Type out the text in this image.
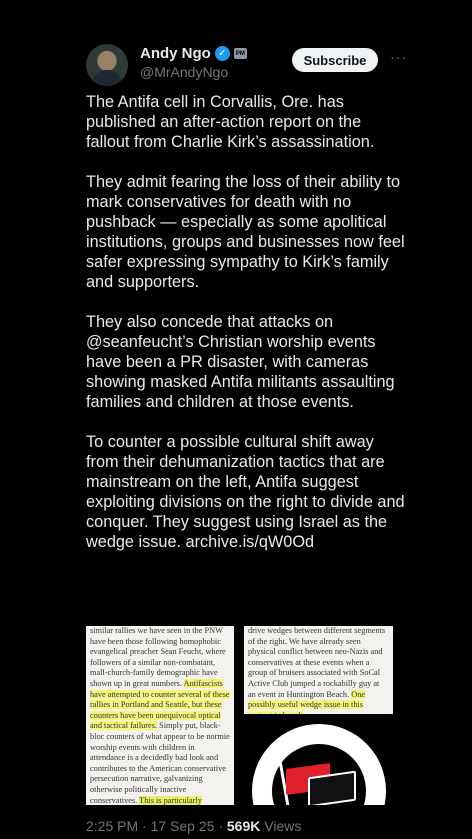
Andy Ngo ✓	PM
@MrAndyNgo
Subscribe	···

The Antifa cell in Corvallis, Ore. has published an after-action report on the fallout from Charlie Kirk’s assassination.

They admit fearing the loss of their ability to mark conservatives for death with no pushback — especially as some apolitical institutions, groups and businesses now feel safer expressing sympathy to Kirk’s family and supporters.

They also concede that attacks on @seanfeucht’s Christian worship events have been a PR disaster, with cameras showing masked Antifa militants assaulting families and children at those events.

To counter a possible cultural shift away from their dehumanization tactics that are mainstream on the left, Antifa suggest exploiting divisions on the right to divide and conquer. They suggest using Israel as the wedge issue. archive.is/qW0Od

similar rallies we have seen in the PNW have been those following homophobic evangelical preacher Sean Feucht, where followers of a similar non-combatant, mall-church-family demographic have shown up in great numbers. Antifascists have attempted to counter several of these rallies in Portland and Seattle, but these counters have been unequivocal optical and tactical failures. Simply put, black-bloc counters of what appear to be normie worship events with children in attendance is a decidedly bad look and contributes to the American conservative persecution narrative, galvanizing otherwise politically inactive conservatives. This is particularly
drive wedges between different segments of the right. We have already seen physical conflict between neo-Nazis and conservatives at these events when a group of bruisers associated with SoCal Active Club jumped a rockabilly guy at an event in Huntington Beach. One possibly useful wedge issue in this
2:25 PM · 17 Sep 25 · 569K Views
